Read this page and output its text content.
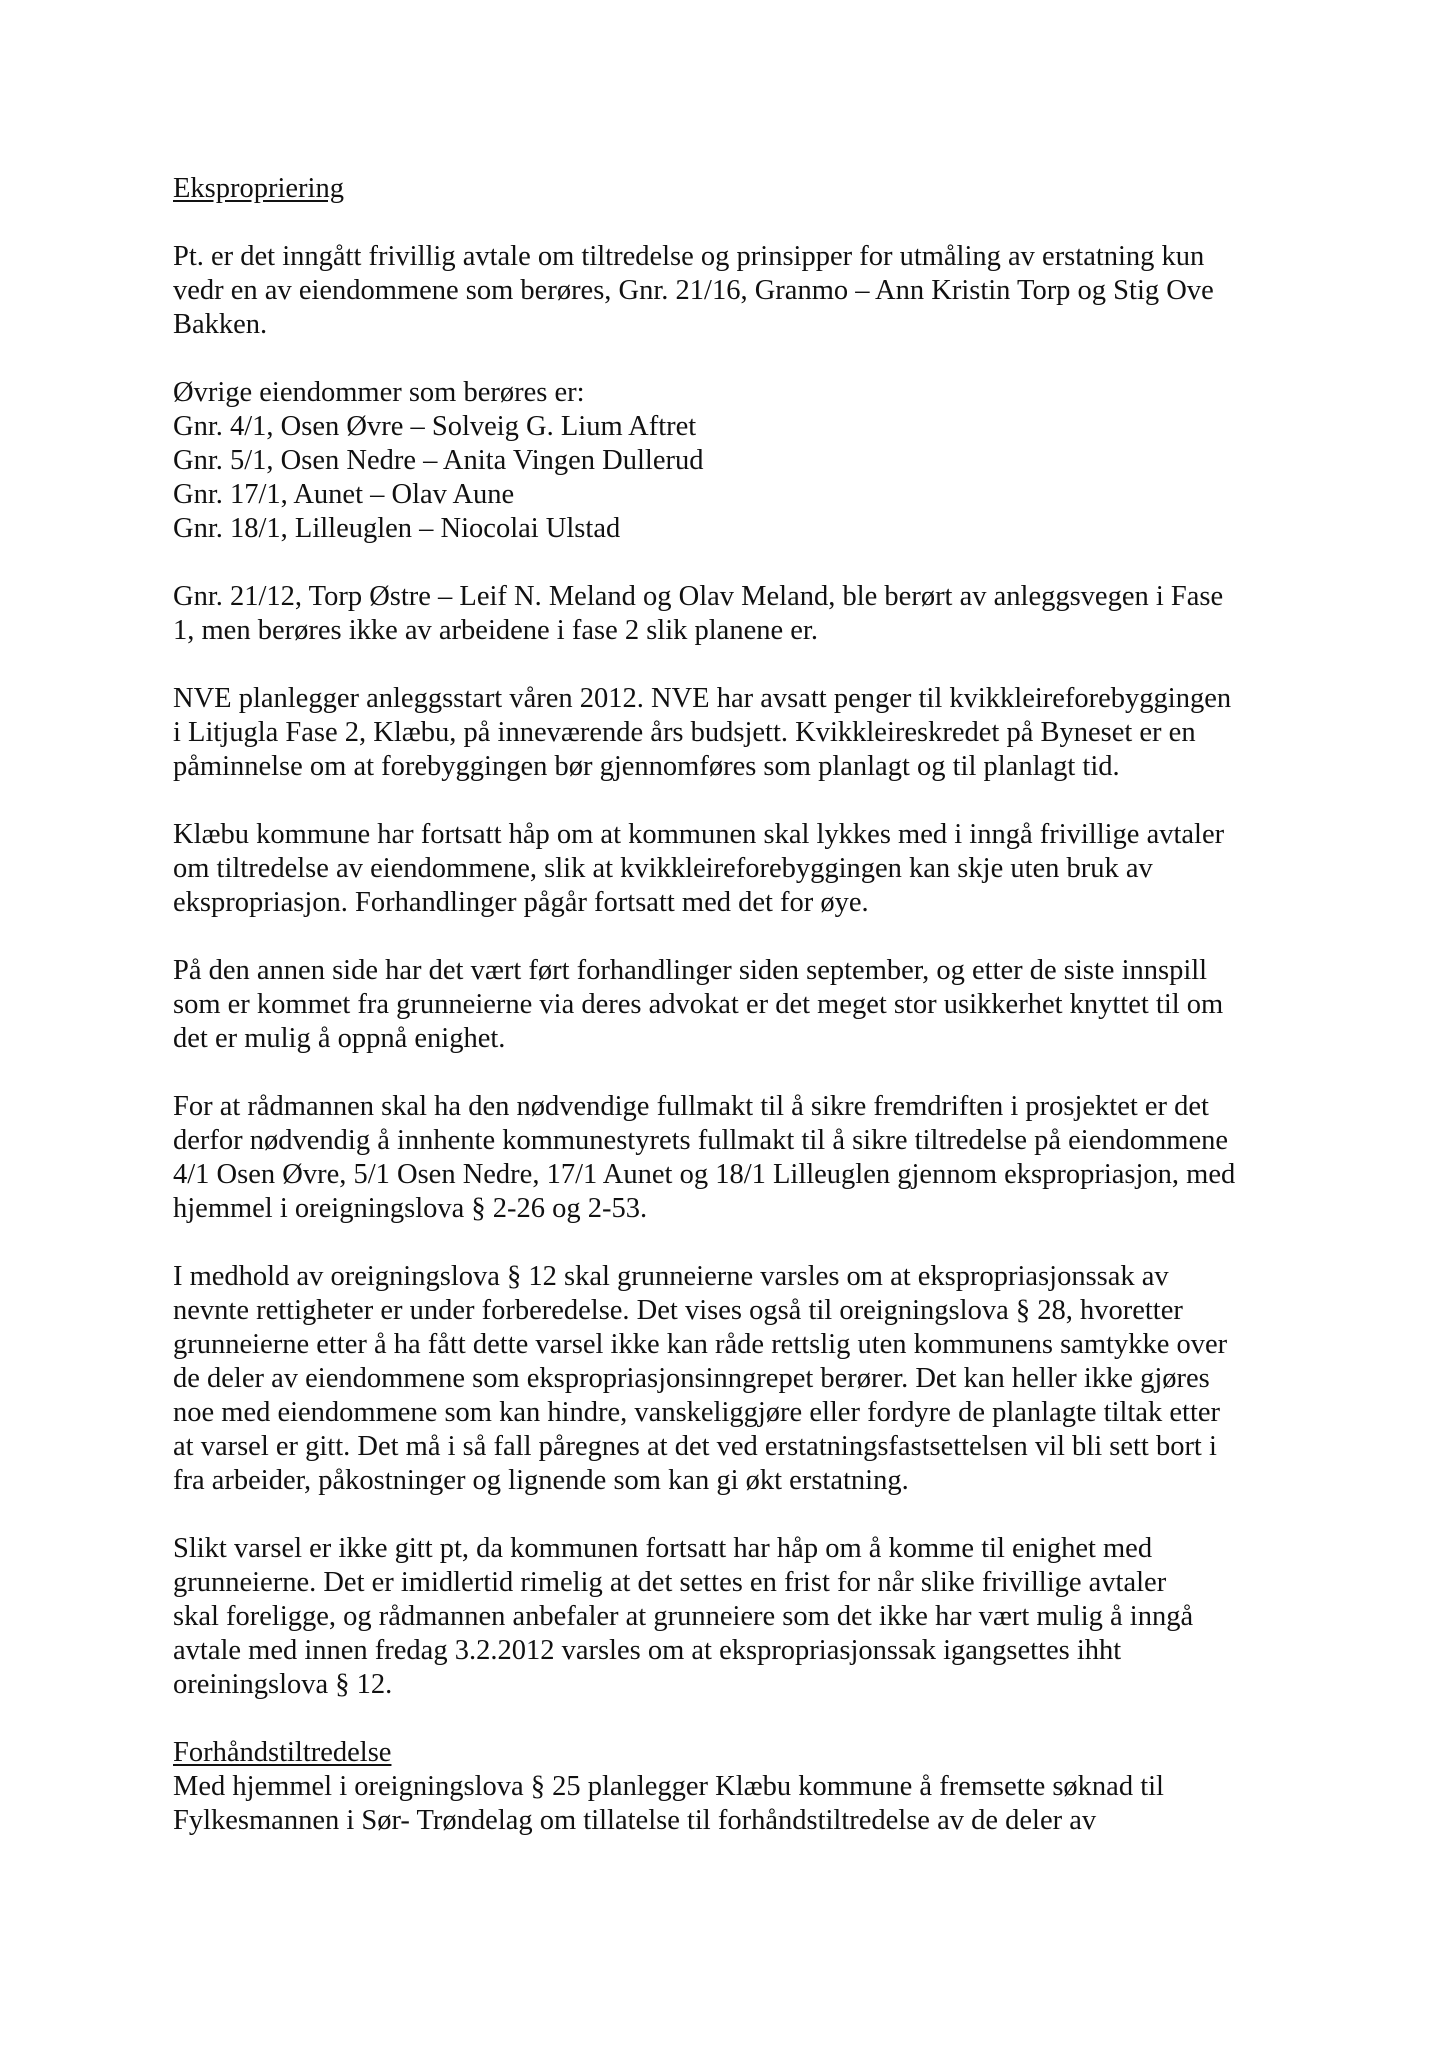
Ekspropriering

Pt. er det inngått frivillig avtale om tiltredelse og prinsipper for utmåling av erstatning kun
vedr en av eiendommene som berøres, Gnr. 21/16, Granmo – Ann Kristin Torp og Stig Ove
Bakken.
Øvrige eiendommer som berøres er:
Gnr. 4/1, Osen Øvre – Solveig G. Lium Aftret
Gnr. 5/1, Osen Nedre – Anita Vingen Dullerud
Gnr. 17/1, Aunet – Olav Aune
Gnr. 18/1, Lilleuglen – Niocolai Ulstad
Gnr. 21/12, Torp Østre – Leif N. Meland og Olav Meland, ble berørt av anleggsvegen i Fase
1, men berøres ikke av arbeidene i fase 2 slik planene er.
NVE planlegger anleggsstart våren 2012. NVE har avsatt penger til kvikkleireforebyggingen
i Litjugla Fase 2, Klæbu, på inneværende års budsjett. Kvikkleireskredet på Byneset er en
påminnelse om at forebyggingen bør gjennomføres som planlagt og til planlagt tid.
Klæbu kommune har fortsatt håp om at kommunen skal lykkes med i inngå frivillige avtaler
om tiltredelse av eiendommene, slik at kvikkleireforebyggingen kan skje uten bruk av
ekspropriasjon. Forhandlinger pågår fortsatt med det for øye.
På den annen side har det vært ført forhandlinger siden september, og etter de siste innspill
som er kommet fra grunneierne via deres advokat er det meget stor usikkerhet knyttet til om
det er mulig å oppnå enighet.
For at rådmannen skal ha den nødvendige fullmakt til å sikre fremdriften i prosjektet er det
derfor nødvendig å innhente kommunestyrets fullmakt til å sikre tiltredelse på eiendommene
4/1 Osen Øvre, 5/1 Osen Nedre, 17/1 Aunet og 18/1 Lilleuglen gjennom ekspropriasjon, med
hjemmel i oreigningslova § 2-26 og 2-53.
I medhold av oreigningslova § 12 skal grunneierne varsles om at ekspropriasjonssak av
nevnte rettigheter er under forberedelse. Det vises også til oreigningslova § 28, hvoretter
grunneierne etter å ha fått dette varsel ikke kan råde rettslig uten kommunens samtykke over
de deler av eiendommene som ekspropriasjonsinngrepet berører. Det kan heller ikke gjøres
noe med eiendommene som kan hindre, vanskeliggjøre eller fordyre de planlagte tiltak etter
at varsel er gitt. Det må i så fall påregnes at det ved erstatningsfastsettelsen vil bli sett bort i
fra arbeider, påkostninger og lignende som kan gi økt erstatning.
Slikt varsel er ikke gitt pt, da kommunen fortsatt har håp om å komme til enighet med
grunneierne. Det er imidlertid rimelig at det settes en frist for når slike frivillige avtaler
skal foreligge, og rådmannen anbefaler at grunneiere som det ikke har vært mulig å inngå
avtale med innen fredag 3.2.2012 varsles om at ekspropriasjonssak igangsettes ihht
oreiningslova § 12.

Forhåndstiltredelse

Med hjemmel i oreigningslova § 25 planlegger Klæbu kommune å fremsette søknad til
Fylkesmannen i Sør- Trøndelag om tillatelse til forhåndstiltredelse av de deler av
